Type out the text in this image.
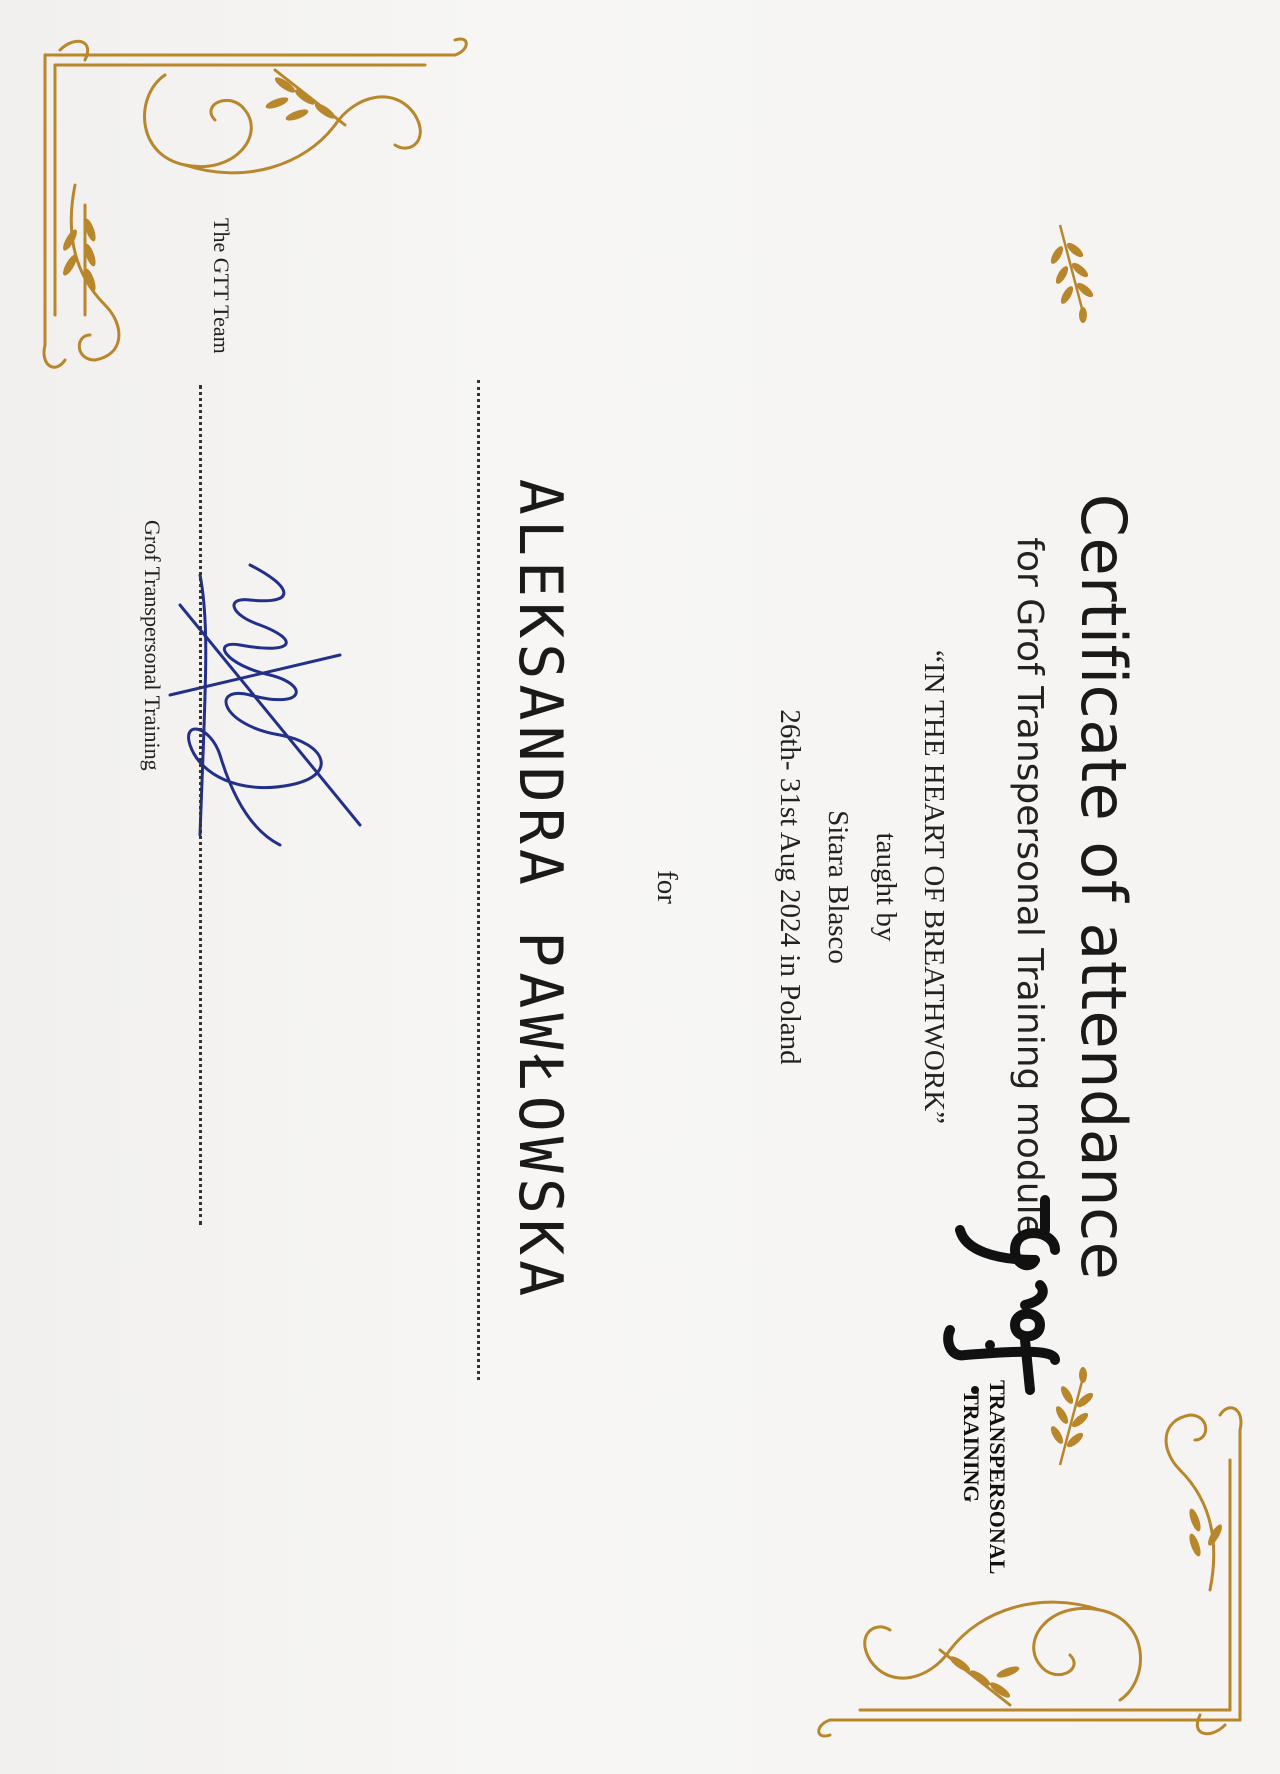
Certificate of attendance
for Grof Transpersonal Training module
“IN THE HEART OF BREATHWORK”
taught by
Sitara Blasco
26th- 31st Aug 2024 in Poland
for
ALEKSANDRA PAWŁOWSKA
The GTT Team
Grof Transpersonal Training
TRANSPERSONAL
TRAINING
